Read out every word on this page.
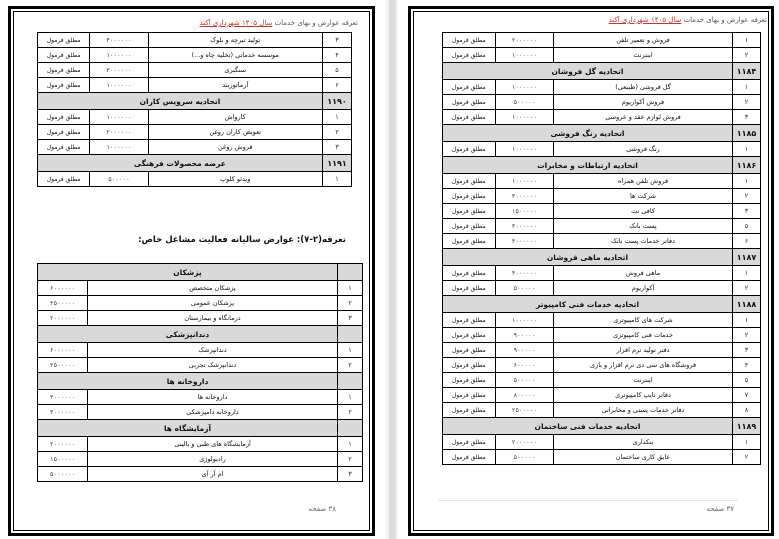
تعرفه عوارض و بهای خدمات سال ۱۴۰۵ شهرداری آکند
۳	تولید تیرچه و بلوک	۴۰۰۰۰۰۰	مطلق فرمول
۴	موسسه خدماتی (تخلیه چاه و...)	۱۰۰۰۰۰۰	مطلق فرمول
۵	سنگبری	۳۰۰۰۰۰۰	مطلق فرمول
۶	آرماتوربند	۱۰۰۰۰۰۰	مطلق فرمول
۱۱۹۰	اتحادیه سرویس کاران		
۱	کارواش	۱۰۰۰۰۰۰	مطلق فرمول
۲	تعویض کاران روغن	۲۰۰۰۰۰۰	مطلق فرمول
۳	فروش روغن	۱۰۰۰۰۰۰	مطلق فرمول
۱۱۹۱	عرضه محصولات فرهنگی		
۱	ویدئو کلوپ	۵۰۰۰۰۰	مطلق فرمول
تعرفه(۲-۷): عوارض سالیانه فعالیت مشاغل خاص:
	پزشکان	
۱	پزشکان متخصص	۶۰۰۰۰۰۰
۲	پزشکان عمومی	۳۵۰۰۰۰۰
۳	درمانگاه و بیمارستان	۲۰۰۰۰۰۰
	دندانپزشکی	
۱	دندانپزشک	۶۰۰۰۰۰۰
۲	دندانپزشک تجربی	۳۵۰۰۰۰۰
	داروخانه ها	
۱	داروخانه ها	۳۰۰۰۰۰۰
۲	داروخانه دامپزشکی	۳۰۰۰۰۰۰
	آزمایشگاه ها	
۱	آزمایشگاه های طبی و بالینی	۲۰۰۰۰۰۰
۲	رادیولوژی	۱۵۰۰۰۰۰
۳	ام آر آی	۵۰۰۰۰۰۰
۳۸ صفحه
تعرفه عوارض و بهای خدمات سال ۱۴۰۵ شهرداری آکند
۱	فروش و تعمیر تلفن	۲۰۰۰۰۰۰	مطلق فرمول
۲	اینترنت	۱۰۰۰۰۰۰	مطلق فرمول
۱۱۸۴	اتحادیه گل فروشان		
۱	گل فروشی (طبیعی)	۱۰۰۰۰۰۰	مطلق فرمول
۲	فروش آکواریوم	۵۰۰۰۰۰	مطلق فرمول
۳	فروش لوازم عقد و عروسی	۱۰۰۰۰۰۰	مطلق فرمول
۱۱۸۵	اتحادیه رنگ فروشی		
۱	رنگ فروشی	۱۰۰۰۰۰۰	مطلق فرمول
۱۱۸۶	اتحادیه ارتباطات و مخابرات		
۱	فروش تلفن همراه	۱۰۰۰۰۰۰	مطلق فرمول
۲	شرکت ها	۳۰۰۰۰۰۰	مطلق فرمول
۳	کافی نت	۱۵۰۰۰۰۰	مطلق فرمول
۵	پست بانک	۳۰۰۰۰۰۰	مطلق فرمول
۶	دفاتر خدمات پست بانک	۳۰۰۰۰۰۰	مطلق فرمول
۱۱۸۷	اتحادیه ماهی فروشان		
۱	ماهی فروش	۴۰۰۰۰۰۰	مطلق فرمول
۲	آکواریوم	۵۰۰۰۰۰	مطلق فرمول
۱۱۸۸	اتحادیه خدمات فنی کامپیوتر		
۱	شرکت های کامپیوتری	۱۰۰۰۰۰۰	مطلق فرمول
۲	خدمات فنی کامپیوتری	۹۰۰۰۰۰	مطلق فرمول
۳	دفتر تولید نرم افزار	۹۰۰۰۰۰	مطلق فرمول
۴	فروشگاه های سی دی نرم افزار و بازی	۶۰۰۰۰۰	مطلق فرمول
۵	اینترنت	۵۰۰۰۰۰	مطلق فرمول
۷	دفاتر تایپ کامپیوتری	۸۰۰۰۰۰	مطلق فرمول
۸	دفاتر خدمات پستی و مخابراتی	۲۵۰۰۰۰۰	مطلق فرمول
۱۱۸۹	اتحادیه خدمات فنی ساختمان		
۱	بنکداری	۲۰۰۰۰۰۰	مطلق فرمول
۲	عایق کاری ساختمان	۵۰۰۰۰۰	مطلق فرمول
۳۷ صفحه
